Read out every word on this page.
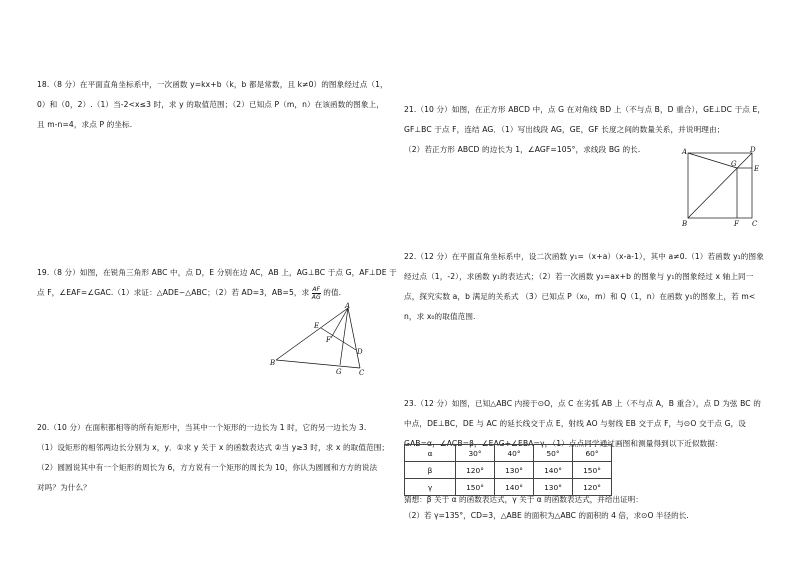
18.（8 分）在平面直角坐标系中，一次函数 y=kx+b（k，b 都是常数，且 k≠0）的图象经过点（1，

0）和（0，2）.（1）当-2<x≤3 时，求 y 的取值范围；（2）已知点 P（m，n）在该函数的图象上，

且 m-n=4，求点 P 的坐标.

19.（8 分）如图，在锐角三角形 ABC 中，点 D，E 分别在边 AC，AB 上，AG⊥BC 于点 G，AF⊥DE 于

点 F，∠EAF=∠GAC.（1）求证：△ADE∽△ABC；（2）若 AD=3，AB=5，求 $\frac{AF}{AG}$ 的值.

A
B
C
D
E
F
G

20.（10 分）在面积都相等的所有矩形中，当其中一个矩形的一边长为 1 时，它的另一边长为 3.

（1）设矩形的相邻两边长分别为 x，y．①求 y 关于 x 的函数表达式 ②当 y≥3 时，求 x 的取值范围；

（2）圆圆说其中有一个矩形的周长为 6，方方说有一个矩形的周长为 10，你认为圆圆和方方的说法

对吗？为什么？

21.（10 分）如图，在正方形 ABCD 中，点 G 在对角线 BD 上（不与点 B，D 重合），GE⊥DC 于点 E，

GF⊥BC 于点 F，连结 AG．（1）写出线段 AG，GE，GF 长度之间的数量关系，并说明理由；

（2）若正方形 ABCD 的边长为 1，∠AGF=105°，求线段 BG 的长.	A
B	C
D
E
F
G

22.（12 分）在平面直角坐标系中，设二次函数 y₁=（x+a）（x-a-1），其中 a≠0.（1）若函数 y₁的图象

经过点（1，-2），求函数 y₁的表达式；（2）若一次函数 y₂=ax+b 的图象与 y₁的图象经过 x 轴上同一

点，探究实数 a，b 满足的关系式 （3）已知点 P（x₀，m）和 Q（1，n）在函数 y₁的图象上，若 m<

n，求 x₀的取值范围.

23.（12 分）如图，已知△ABC 内接于⊙O，点 C 在劣弧 AB 上（不与点 A，B 重合），点 D 为弦 BC 的

中点，DE⊥BC，DE 与 AC 的延长线交于点 E，射线 AO 与射线 EB 交于点 F，与⊙O 交于点 G，设

GAB=α，∠ACB=β，∠EAG+∠EBA=γ，（1）点点同学通过画图和测量得到以下近似数据：

α	30°	40°	50°	60°
β	120°	130°	140°	150°
γ	150°	140°	130°	120°

猜想：β 关于 α 的函数表达式，γ 关于 α 的函数表达式，并给出证明：

（2）若 γ=135°，CD=3，△ABE 的面积为△ABC 的面积的 4 倍，求⊙O 半径的长.
